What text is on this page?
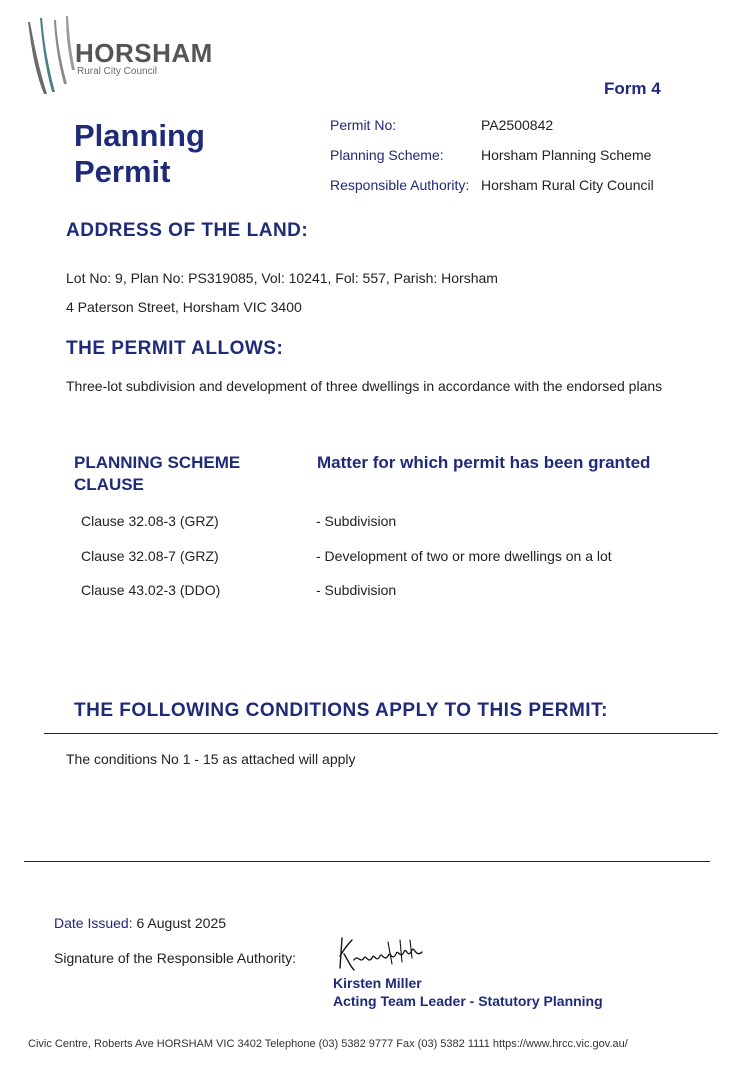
HORSHAM
Rural City Council
Form 4
Planning
Permit
Permit No:	PA2500842
Planning Scheme:	Horsham Planning Scheme
Responsible Authority: Horsham Rural City Council
ADDRESS OF THE LAND:
Lot No: 9, Plan No: PS319085, Vol: 10241, Fol: 557, Parish: Horsham
4 Paterson Street, Horsham VIC 3400
THE PERMIT ALLOWS:
Three-lot subdivision and development of three dwellings in accordance with the endorsed plans
PLANNING SCHEME
CLAUSE
Matter for which permit has been granted
Clause 32.08-3 (GRZ)	- Subdivision
Clause 32.08-7 (GRZ)	- Development of two or more dwellings on a lot
Clause 43.02-3 (DDO)	- Subdivision
THE FOLLOWING CONDITIONS APPLY TO THIS PERMIT:
The conditions No 1 - 15 as attached will apply
Date Issued: 6 August 2025
Signature of the Responsible Authority:
Kirsten Miller
Acting Team Leader - Statutory Planning
Civic Centre, Roberts Ave HORSHAM VIC 3402 Telephone (03) 5382 9777 Fax (03) 5382 1111 https://www.hrcc.vic.gov.au/
